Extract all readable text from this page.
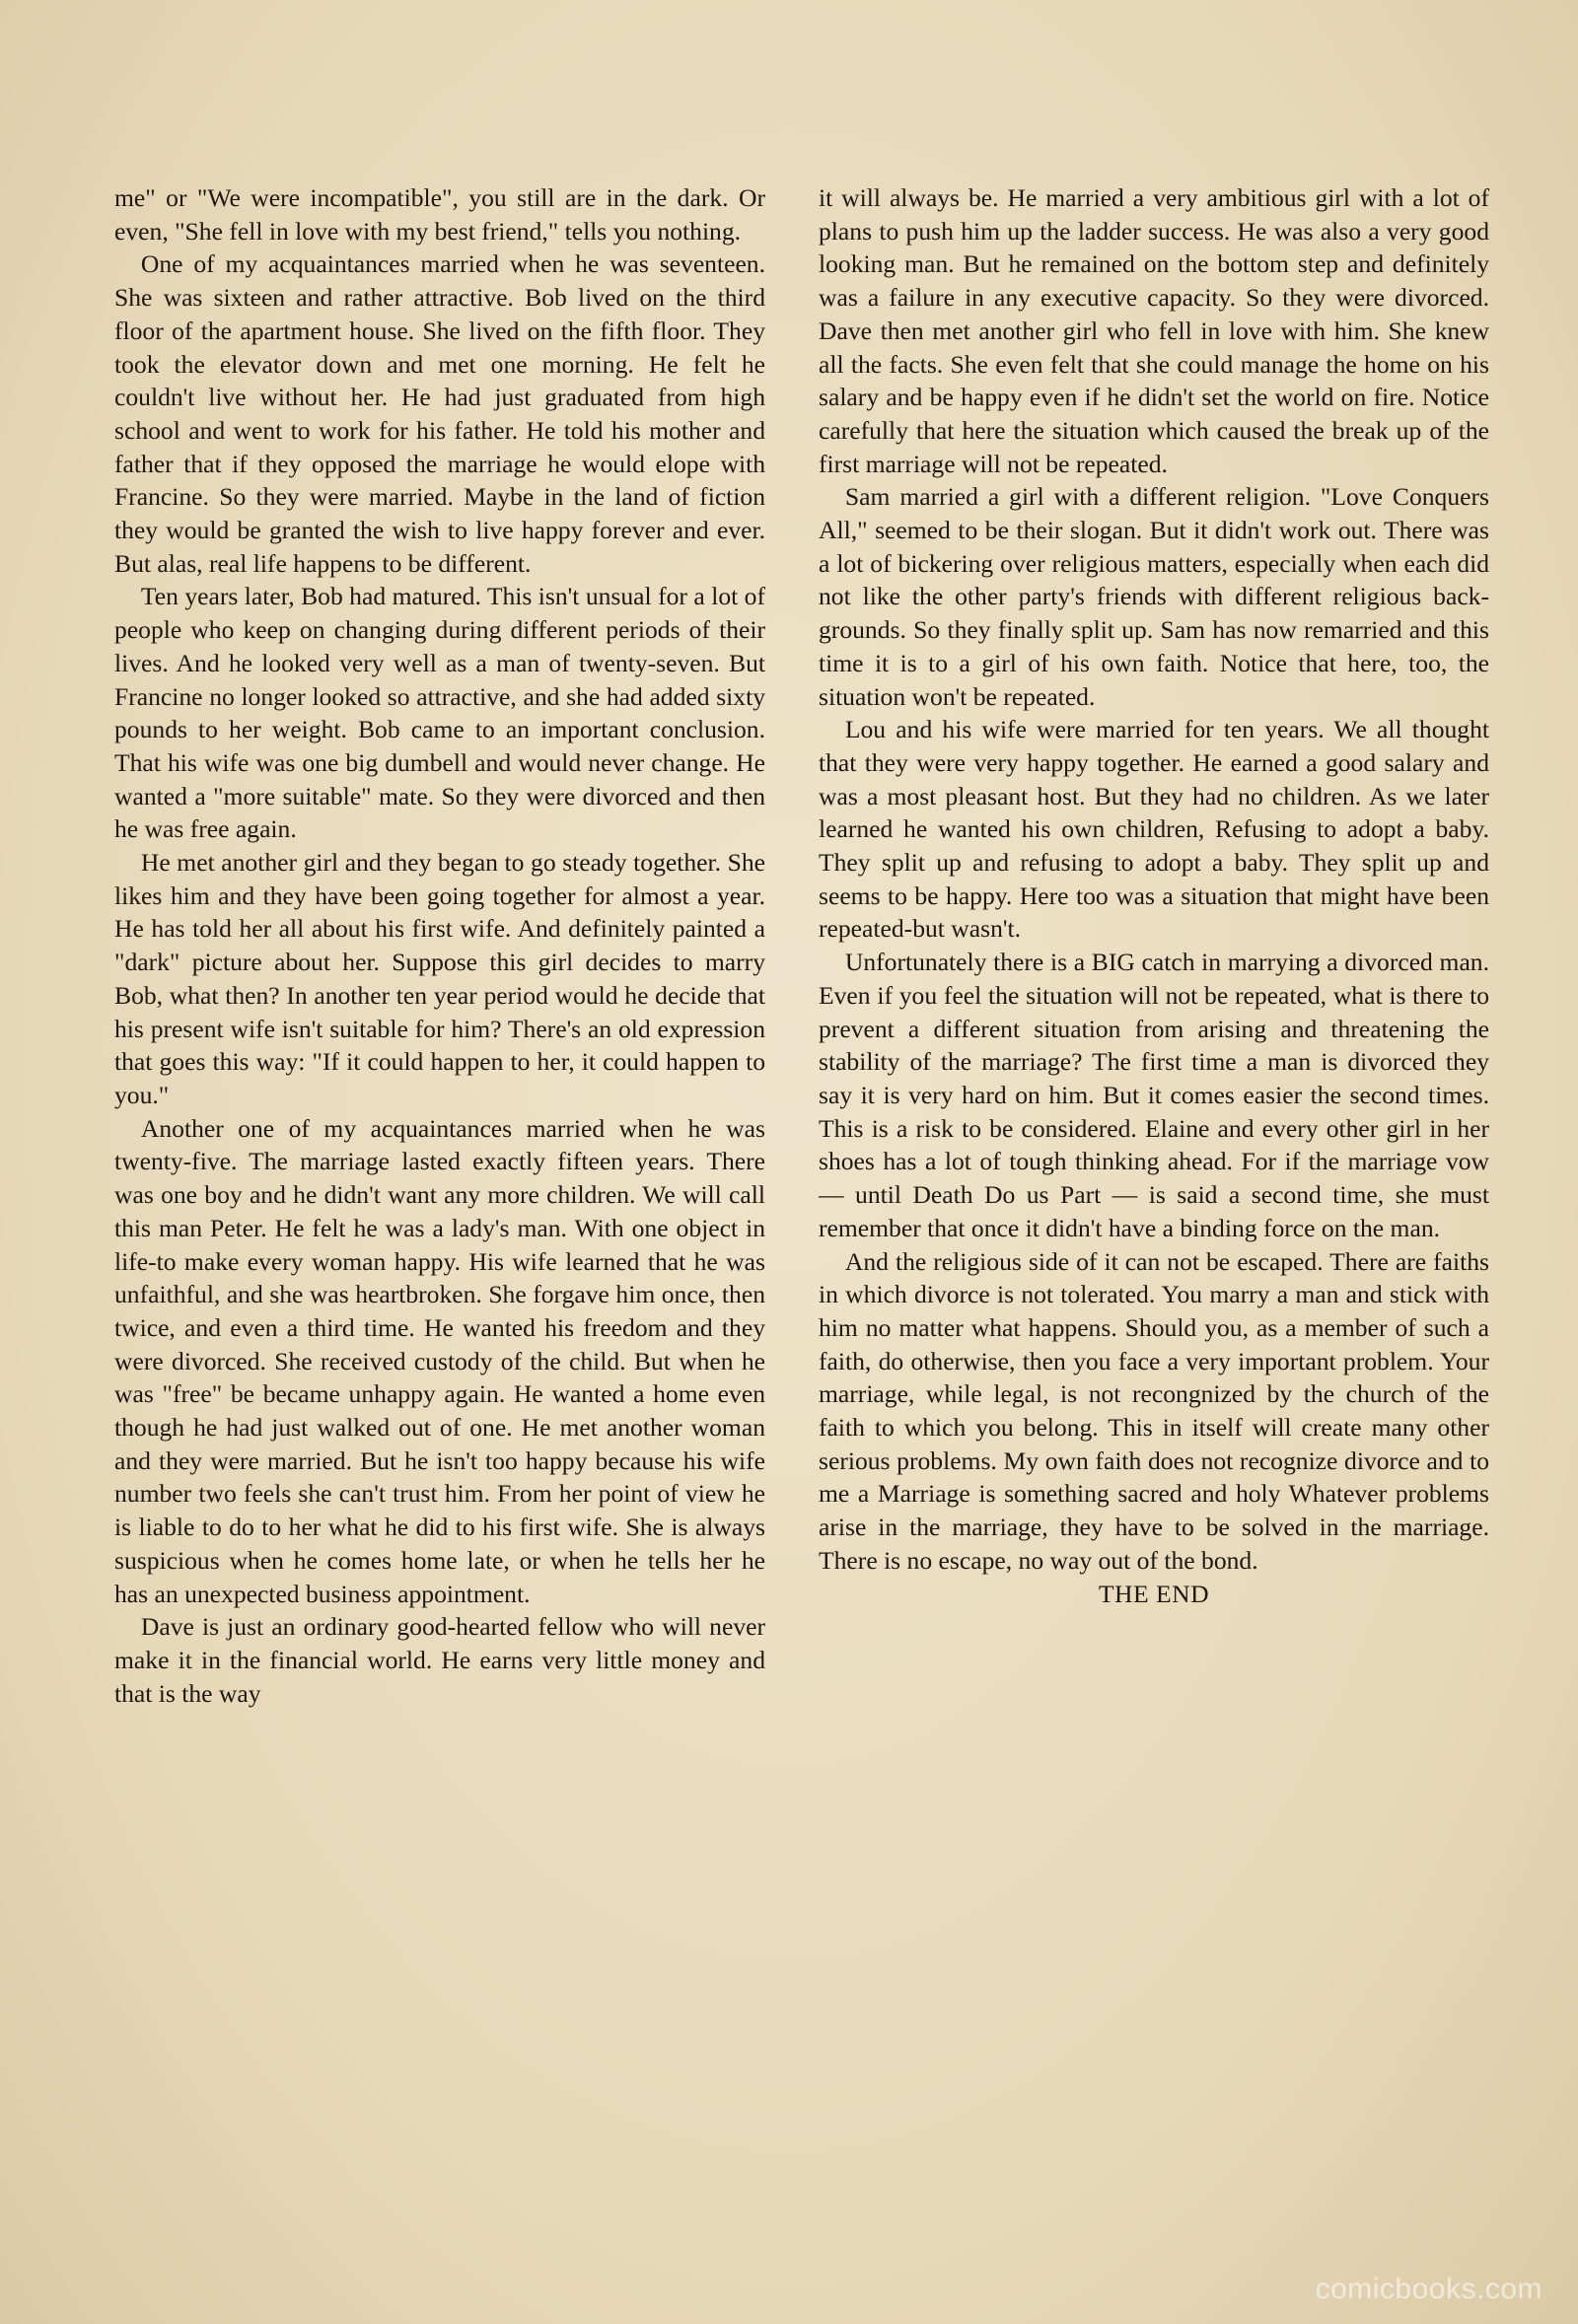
me" or "We were incompatible", you still are in the dark. Or even, "She fell in love with my best friend," tells you nothing.

One of my acquaintances married when he was seventeen. She was sixteen and rather attractive. Bob lived on the third floor of the apartment house. She lived on the fifth floor. They took the elevator down and met one morning. He felt he couldn't live without her. He had just graduated from high school and went to work for his father. He told his mother and father that if they opposed the marriage he would elope with Francine. So they were married. Maybe in the land of fiction they would be granted the wish to live happy forever and ever. But alas, real life happens to be different.

Ten years later, Bob had matured. This isn't unsual for a lot of people who keep on changing during different periods of their lives. And he looked very well as a man of twenty-seven. But Francine no longer looked so attractive, and she had added sixty pounds to her weight. Bob came to an important conclusion. That his wife was one big dumbell and would never change. He wanted a "more suitable" mate. So they were divorced and then he was free again.

He met another girl and they began to go steady together. She likes him and they have been going together for almost a year. He has told her all about his first wife. And definitely painted a "dark" picture about her. Suppose this girl decides to marry Bob, what then? In another ten year period would he decide that his present wife isn't suitable for him? There's an old expression that goes this way: "If it could happen to her, it could happen to you."

Another one of my acquaintances married when he was twenty-five. The marriage lasted exactly fifteen years. There was one boy and he didn't want any more children. We will call this man Peter. He felt he was a lady's man. With one object in life-to make every woman happy. His wife learned that he was unfaithful, and she was heartbroken. She forgave him once, then twice, and even a third time. He wanted his freedom and they were divorced. She received custody of the child. But when he was "free" be became unhappy again. He wanted a home even though he had just walked out of one. He met another woman and they were married. But he isn't too happy because his wife number two feels she can't trust him. From her point of view he is liable to do to her what he did to his first wife. She is always suspicious when he comes home late, or when he tells her he has an unexpected business appointment.

Dave is just an ordinary good-hearted fellow who will never make it in the financial world. He earns very little money and that is the way

it will always be. He married a very ambitious girl with a lot of plans to push him up the ladder success. He was also a very good looking man. But he remained on the bottom step and definitely was a failure in any executive capacity. So they were divorced. Dave then met another girl who fell in love with him. She knew all the facts. She even felt that she could manage the home on his salary and be happy even if he didn't set the world on fire. Notice carefully that here the situation which caused the break up of the first marriage will not be repeated.

Sam married a girl with a different religion. "Love Conquers All," seemed to be their slogan. But it didn't work out. There was a lot of bickering over religious matters, especially when each did not like the other party's friends with different religious back-grounds. So they finally split up. Sam has now remarried and this time it is to a girl of his own faith. Notice that here, too, the situation won't be repeated.

Lou and his wife were married for ten years. We all thought that they were very happy together. He earned a good salary and was a most pleasant host. But they had no children. As we later learned he wanted his own children, Refusing to adopt a baby. They split up and refusing to adopt a baby. They split up and seems to be happy. Here too was a situation that might have been repeated-but wasn't.

Unfortunately there is a BIG catch in marrying a divorced man. Even if you feel the situation will not be repeated, what is there to prevent a different situation from arising and threatening the stability of the marriage? The first time a man is divorced they say it is very hard on him. But it comes easier the second times. This is a risk to be considered. Elaine and every other girl in her shoes has a lot of tough thinking ahead. For if the marriage vow— until Death Do us Part — is said a second time, she must remember that once it didn't have a binding force on the man.

And the religious side of it can not be escaped. There are faiths in which divorce is not tolerated. You marry a man and stick with him no matter what happens. Should you, as a member of such a faith, do otherwise, then you face a very important problem. Your marriage, while legal, is not recongnized by the church of the faith to which you belong. This in itself will create many other serious problems. My own faith does not recognize divorce and to me a Marriage is something sacred and holy Whatever problems arise in the marriage, they have to be solved in the marriage. There is no escape, no way out of the bond.

THE END
comicbooks.com
